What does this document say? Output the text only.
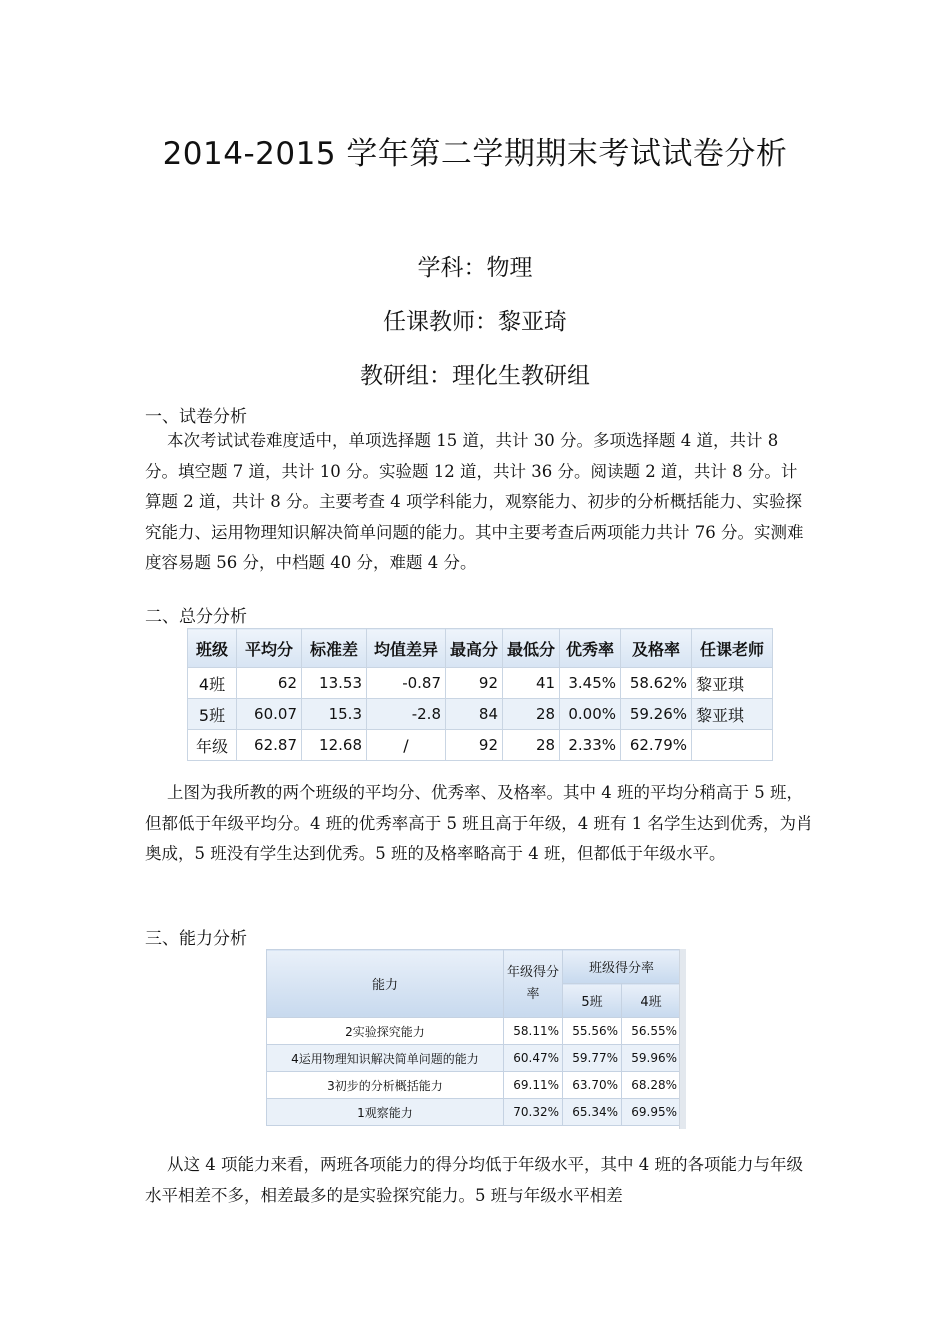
2014-2015 学年第二学期期末考试试卷分析
学科：物理
任课教师：黎亚琦
教研组：理化生教研组
一、试卷分析

本次考试试卷难度适中，单项选择题 15 道，共计 30 分。多项选择题 4 道，共计 8 分。填空题 7 道，共计 10 分。实验题 12 道，共计 36 分。阅读题 2 道，共计 8 分。计算题 2 道，共计 8 分。主要考查 4 项学科能力，观察能力、初步的分析概括能力、实验探究能力、运用物理知识解决简单问题的能力。其中主要考查后两项能力共计 76 分。实测难度容易题 56 分，中档题 40 分，难题 4 分。

二、总分分析
班级	平均分	标准差	均值差异	最高分	最低分	优秀率	及格率	任课老师
4班	62	13.53	-0.87	92	41	3.45%	58.62%	黎亚琪
5班	60.07	15.3	-2.8	84	28	0.00%	59.26%	黎亚琪
年级	62.87	12.68	/	92	28	2.33%	62.79%	

上图为我所教的两个班级的平均分、优秀率、及格率。其中 4 班的平均分稍高于 5 班，但都低于年级平均分。4 班的优秀率高于 5 班且高于年级，4 班有 1 名学生达到优秀，为肖奥成，5 班没有学生达到优秀。5 班的及格率略高于 4 班，但都低于年级水平。

三、能力分析
能力	年级得分率	班级得分率	
		5班	4班
2实验探究能力	58.11%	55.56%	56.55%
4运用物理知识解决简单问题的能力	60.47%	59.77%	59.96%
3初步的分析概括能力	69.11%	63.70%	68.28%
1观察能力	70.32%	65.34%	69.95%

从这 4 项能力来看，两班各项能力的得分均低于年级水平，其中 4 班的各项能力与年级水平相差不多，相差最多的是实验探究能力。5 班与年级水平相差
